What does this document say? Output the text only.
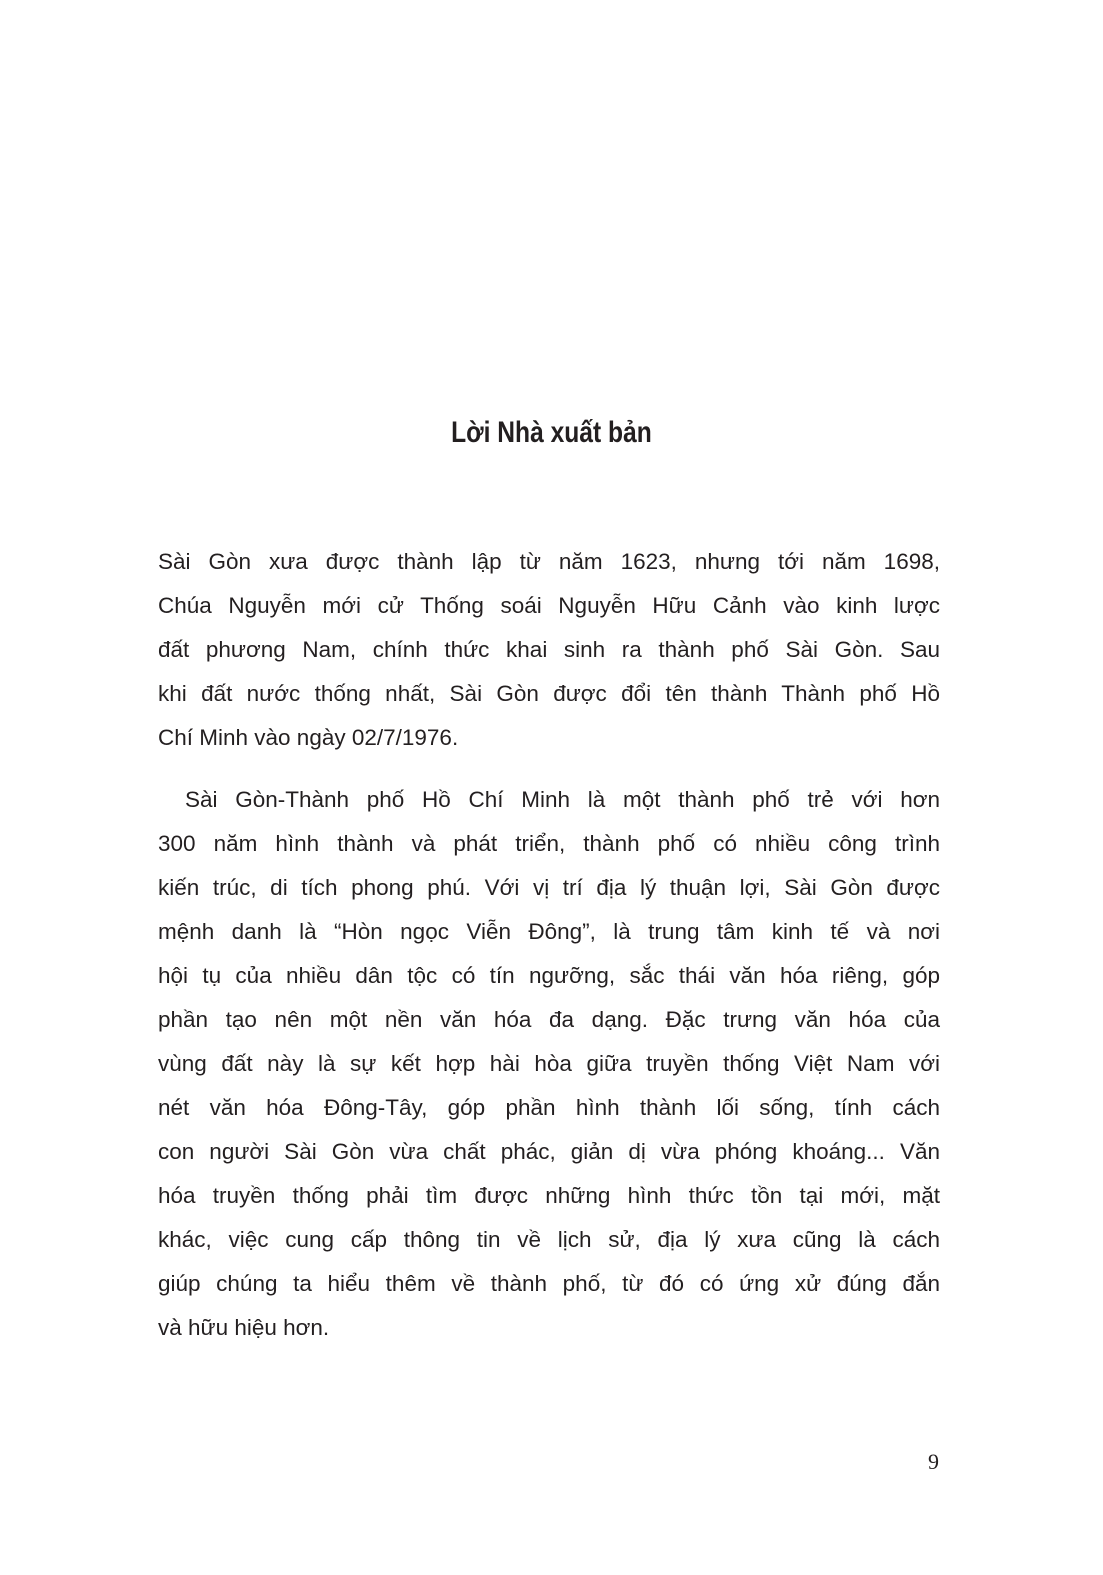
Lời Nhà xuất bản
Sài Gòn xưa được thành lập từ năm 1623, nhưng tới năm 1698,
Chúa Nguyễn mới cử Thống soái Nguyễn Hữu Cảnh vào kinh lược
đất phương Nam, chính thức khai sinh ra thành phố Sài Gòn. Sau
khi đất nước thống nhất, Sài Gòn được đổi tên thành Thành phố Hồ
Chí Minh vào ngày 02/7/1976.
Sài Gòn-Thành phố Hồ Chí Minh là một thành phố trẻ với hơn
300 năm hình thành và phát triển, thành phố có nhiều công trình
kiến trúc, di tích phong phú. Với vị trí địa lý thuận lợi, Sài Gòn được
mệnh danh là “Hòn ngọc Viễn Đông”, là trung tâm kinh tế và nơi
hội tụ của nhiều dân tộc có tín ngưỡng, sắc thái văn hóa riêng, góp
phần tạo nên một nền văn hóa đa dạng. Đặc trưng văn hóa của
vùng đất này là sự kết hợp hài hòa giữa truyền thống Việt Nam với
nét văn hóa Đông-Tây, góp phần hình thành lối sống, tính cách
con người Sài Gòn vừa chất phác, giản dị vừa phóng khoáng... Văn
hóa truyền thống phải tìm được những hình thức tồn tại mới, mặt
khác, việc cung cấp thông tin về lịch sử, địa lý xưa cũng là cách
giúp chúng ta hiểu thêm về thành phố, từ đó có ứng xử đúng đắn
và hữu hiệu hơn.
9
